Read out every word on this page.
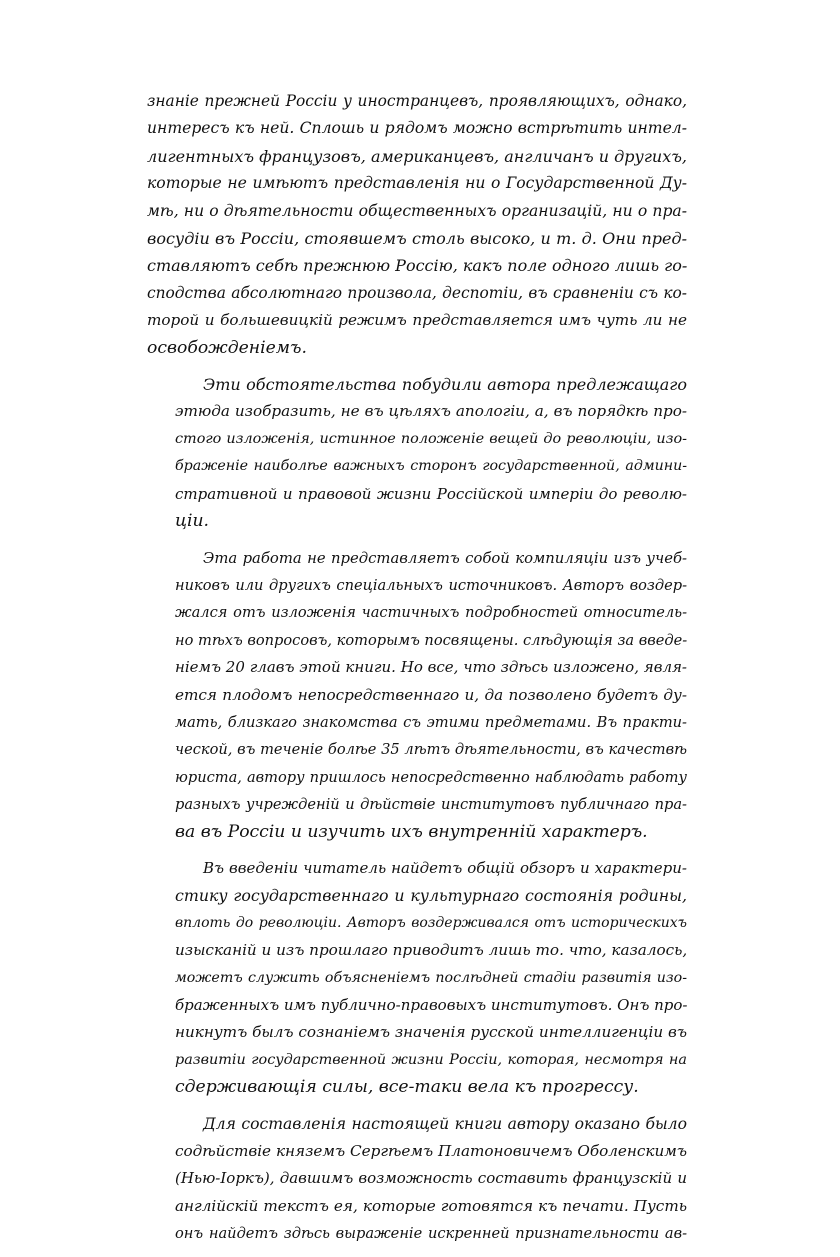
знаніе прежней Россіи у иностранцевъ, проявляющихъ, однако,
интересъ къ ней. Сплошь и рядомъ можно встрѣтить интел-
лигентныхъ французовъ, американцевъ, англичанъ и другихъ,
которые не имѣютъ представленія ни о Государственной Ду-
мѣ, ни о дѣятельности общественныхъ организацій, ни о пра-
восудіи въ Россіи, стоявшемъ столь высоко, и т. д. Они пред-
ставляютъ себѣ прежнюю Россію, какъ поле одного лишь го-
сподства абсолютнаго произвола, деспотіи, въ сравненіи съ ко-
торой и большевицкій режимъ представляется имъ чуть ли не
освобожденіемъ.

Эти обстоятельства побудили автора предлежащаго
этюда изобразить, не въ цѣляхъ апологіи, а, въ порядкѣ про-
стого изложенія, истинное положеніе вещей до революціи, изо-
браженіе наиболѣе важныхъ сторонъ государственной, админи-
стративной и правовой жизни Россійской имперіи до револю-
ціи.

Эта работа не представляетъ собой компиляціи изъ учеб-
никовъ или другихъ спеціальныхъ источниковъ. Авторъ воздер-
жался отъ изложенія частичныхъ подробностей относитель-
но тѣхъ вопросовъ, которымъ посвящены. слѣдующія за введе-
ніемъ 20 главъ этой книги. Но все, что здѣсь изложено, явля-
ется плодомъ непосредственнаго и, да позволено будетъ ду-
мать, близкаго знакомства съ этими предметами. Въ практи-
ческой, въ теченіе болѣе 35 лѣтъ дѣятельности, въ качествѣ
юриста, автору пришлось непосредственно наблюдать работу
разныхъ учрежденій и дѣйствіе институтовъ публичнаго пра-
ва въ Россіи и изучить ихъ внутренній характеръ.

Въ введеніи читатель найдетъ общій обзоръ и характери-
стику государственнаго и культурнаго состоянія родины,
вплоть до революціи. Авторъ воздерживался отъ историческихъ
изысканій и изъ прошлаго приводитъ лишь то. что, казалось,
можетъ служить объясненіемъ послѣдней стадіи развитія изо-
браженныхъ имъ публично-правовыхъ институтовъ. Онъ про-
никнутъ былъ сознаніемъ значенія русской интеллигенціи въ
развитіи государственной жизни Россіи, которая, несмотря на
сдерживающія силы, все-таки вела къ прогрессу.

Для составленія настоящей книги автору оказано было
содѣйствіе княземъ Сергѣемъ Платоновичемъ Оболенскимъ
(Нью-Іоркъ), давшимъ возможность составить французскій и
англійскій текстъ ея, которые готовятся къ печати. Пусть
онъ найдетъ здѣсь выраженіе искренней признательности ав-
